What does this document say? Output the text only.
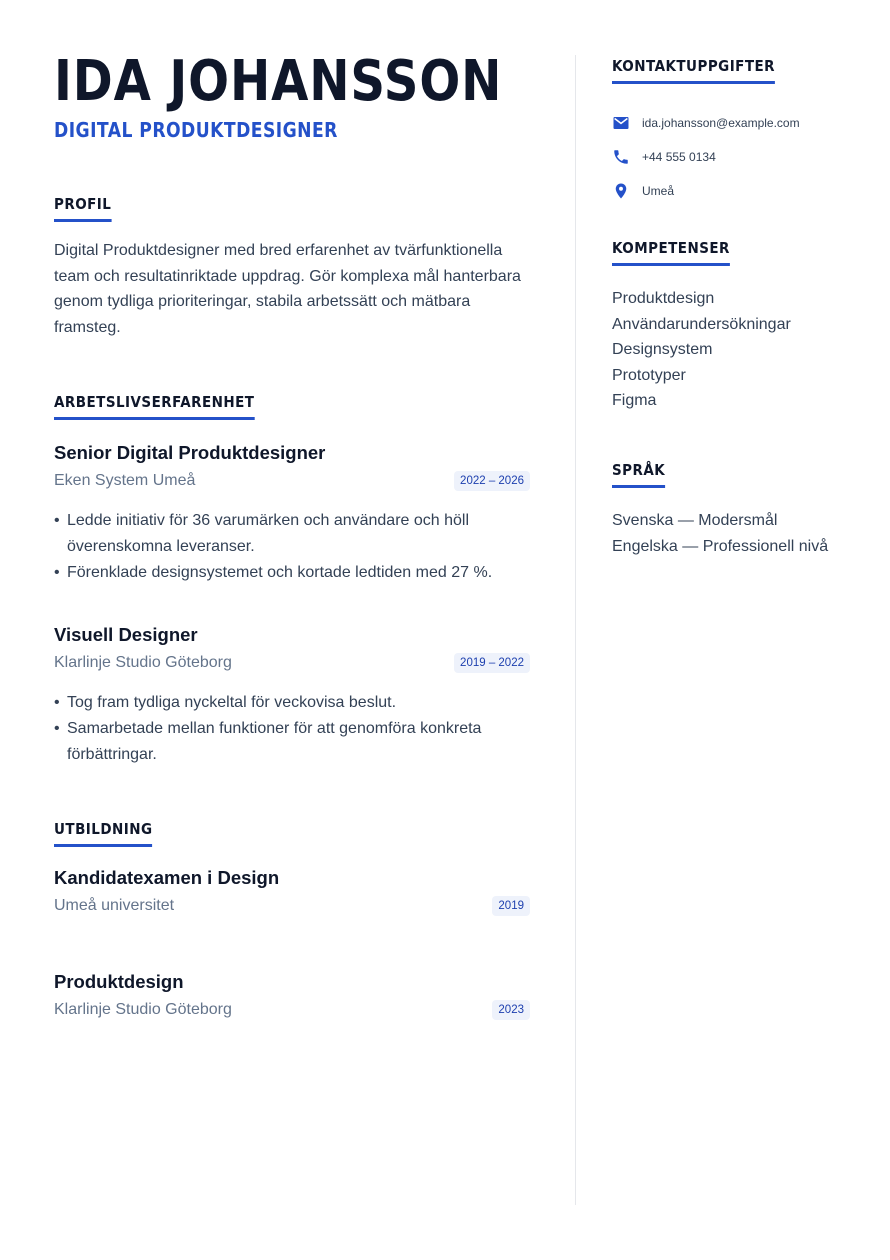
IDA JOHANSSON
DIGITAL PRODUKTDESIGNER
PROFIL

Digital Produktdesigner med bred erfarenhet av tvärfunktionella team och resultatinriktade uppdrag. Gör komplexa mål hanterbara genom tydliga prioriteringar, stabila arbetssätt och mätbara framsteg.

ARBETSLIVSERFARENHET
Senior Digital Produktdesigner
Eken System Umeå	2022 – 2026
• Ledde initiativ för 36 varumärken och användare och höll överenskomna leveranser.
• Förenklade designsystemet och kortade ledtiden med 27 %.
Visuell Designer
Klarlinje Studio Göteborg	2019 – 2022
• Tog fram tydliga nyckeltal för veckovisa beslut.
• Samarbetade mellan funktioner för att genomföra konkreta förbättringar.
UTBILDNING
Kandidatexamen i Design
Umeå universitet	2019
Produktdesign
Klarlinje Studio Göteborg	2023
KONTAKTUPPGIFTER
ida.johansson@example.com
+44 555 0134
Umeå
KOMPETENSER
Produktdesign
Användarundersökningar
Designsystem
Prototyper
Figma
SPRÅK
Svenska — Modersmål
Engelska — Professionell nivå
